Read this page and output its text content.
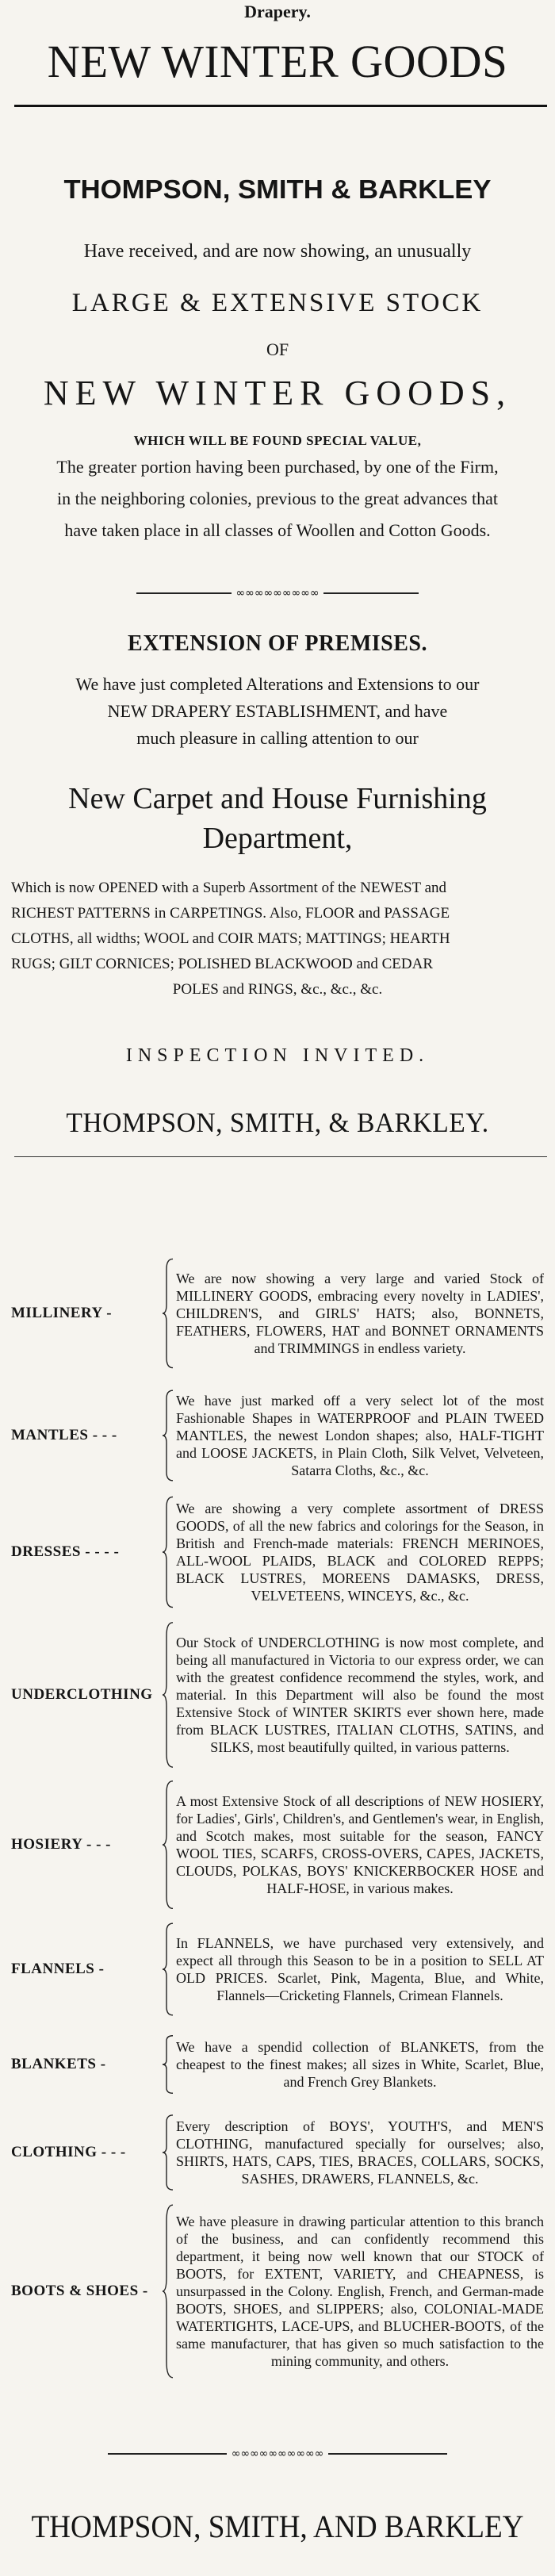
Drapery.
NEW WINTER GOODS
THOMPSON, SMITH & BARKLEY
Have received, and are now showing, an unusually
LARGE & EXTENSIVE STOCK
OF
NEW WINTER GOODS,
WHICH WILL BE FOUND SPECIAL VALUE,
The greater portion having been purchased, by one of the Firm,
in the neighboring colonies, previous to the great advances that
have taken place in all classes of Woollen and Cotton Goods.
∞∞∞∞∞∞∞∞∞
EXTENSION OF PREMISES.
We have just completed Alterations and Extensions to our
NEW DRAPERY ESTABLISHMENT, and have
much pleasure in calling attention to our
New Carpet and House Furnishing
Department,
Which is now OPENED with a Superb Assortment of the NEWEST and
RICHEST PATTERNS in CARPETINGS. Also, FLOOR and PASSAGE
CLOTHS, all widths; WOOL and COIR MATS; MATTINGS; HEARTH
RUGS; GILT CORNICES; POLISHED BLACKWOOD and CEDAR
POLES and RINGS, &c., &c., &c.
INSPECTION INVITED.
THOMPSON, SMITH, & BARKLEY.
MILLINERY -
We are now showing a very large and varied Stock of MILLINERY GOODS, embracing every novelty in LADIES', CHILDREN'S, and GIRLS' HATS; also, BONNETS, FEATHERS, FLOWERS, HAT and BONNET ORNAMENTS and TRIMMINGS in endless variety.
MANTLES - - -
We have just marked off a very select lot of the most Fashionable Shapes in WATERPROOF and PLAIN TWEED MANTLES, the newest London shapes; also, HALF-TIGHT and LOOSE JACKETS, in Plain Cloth, Silk Velvet, Velveteen, Satarra Cloths, &c., &c.
DRESSES - - - -
We are showing a very complete assortment of DRESS GOODS, of all the new fabrics and colorings for the Season, in British and French-made materials: FRENCH MERINOES, ALL-WOOL PLAIDS, BLACK and COLORED REPPS; BLACK LUSTRES, MOREENS DAMASKS, DRESS, VELVETEENS, WINCEYS, &c., &c.
UNDERCLOTHING
Our Stock of UNDERCLOTHING is now most complete, and being all manufactured in Victoria to our express order, we can with the greatest confidence recommend the styles, work, and material. In this Department will also be found the most Extensive Stock of WINTER SKIRTS ever shown here, made from BLACK LUSTRES, ITALIAN CLOTHS, SATINS, and SILKS, most beautifully quilted, in various patterns.
HOSIERY - - -
A most Extensive Stock of all descriptions of NEW HOSIERY, for Ladies', Girls', Children's, and Gentlemen's wear, in English, and Scotch makes, most suitable for the season, FANCY WOOL TIES, SCARFS, CROSS-OVERS, CAPES, JACKETS, CLOUDS, POLKAS, BOYS' KNICKERBOCKER HOSE and HALF-HOSE, in various makes.
FLANNELS -
In FLANNELS, we have purchased very extensively, and expect all through this Season to be in a position to SELL AT OLD PRICES. Scarlet, Pink, Magenta, Blue, and White, Flannels—Cricketing Flannels, Crimean Flannels.
BLANKETS -
We have a spendid collection of BLANKETS, from the cheapest to the finest makes; all sizes in White, Scarlet, Blue, and French Grey Blankets.
CLOTHING - - -
Every description of BOYS', YOUTH'S, and MEN'S CLOTHING, manufactured specially for ourselves; also, SHIRTS, HATS, CAPS, TIES, BRACES, COLLARS, SOCKS, SASHES, DRAWERS, FLANNELS, &c.
BOOTS & SHOES -
We have pleasure in drawing particular attention to this branch of the business, and can confidently recommend this department, it being now well known that our STOCK of BOOTS, for EXTENT, VARIETY, and CHEAPNESS, is unsurpassed in the Colony. English, French, and German-made BOOTS, SHOES, and SLIPPERS; also, COLONIAL-MADE WATERTIGHTS, LACE-UPS, and BLUCHER-BOOTS, of the same manufacturer, that has given so much satisfaction to the mining community, and others.
∞∞∞∞∞∞∞∞∞∞
THOMPSON, SMITH, AND BARKLEY
